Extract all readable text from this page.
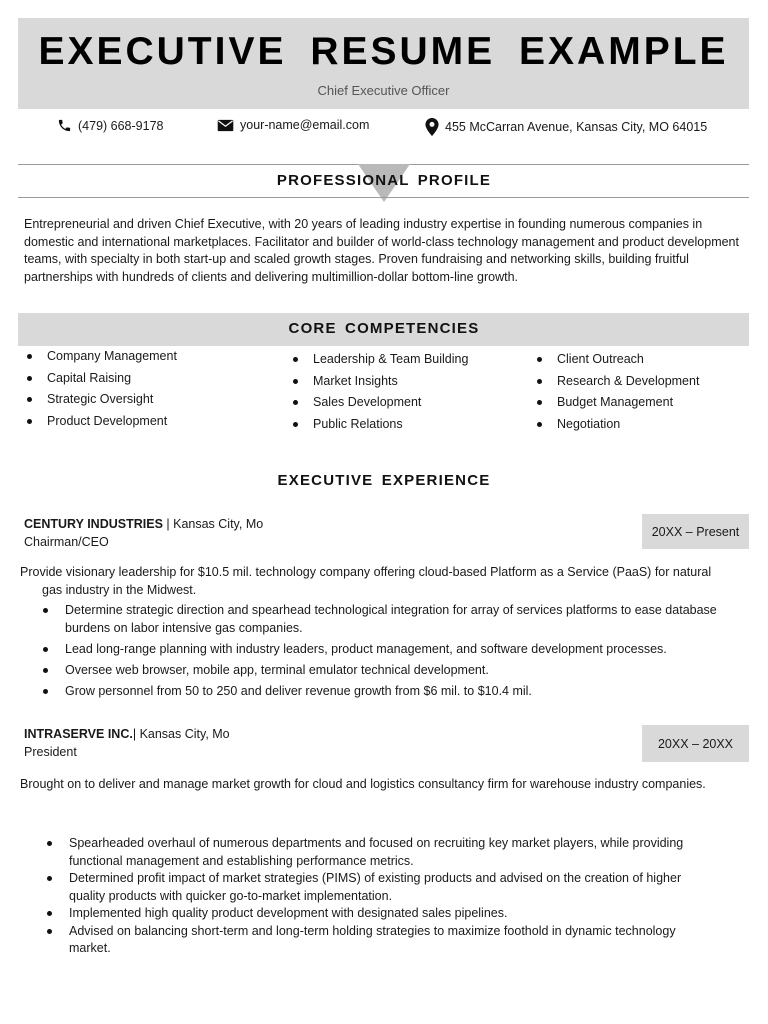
EXECUTIVE RESUME EXAMPLE
Chief Executive Officer
(479) 668-9178	your-name@email.com	455 McCarran Avenue, Kansas City, MO 64015
PROFESSIONAL PROFILE
Entrepreneurial and driven Chief Executive, with 20 years of leading industry expertise in founding numerous companies in domestic and international marketplaces. Facilitator and builder of world-class technology management and product development teams, with specialty in both start-up and scaled growth stages. Proven fundraising and networking skills, building fruitful partnerships with hundreds of clients and delivering multimillion-dollar bottom-line growth.
CORE COMPETENCIES
Company Management
Capital Raising
Strategic Oversight
Product Development
Leadership & Team Building
Market Insights
Sales Development
Public Relations
Client Outreach
Research & Development
Budget Management
Negotiation
EXECUTIVE EXPERIENCE
CENTURY INDUSTRIES | Kansas City, Mo
Chairman/CEO
20XX – Present
Provide visionary leadership for $10.5 mil. technology company offering cloud-based Platform as a Service (PaaS) for natural gas industry in the Midwest.
Determine strategic direction and spearhead technological integration for array of services platforms to ease database burdens on labor intensive gas companies.
Lead long-range planning with industry leaders, product management, and software development processes.
Oversee web browser, mobile app, terminal emulator technical development.
Grow personnel from 50 to 250 and deliver revenue growth from $6 mil. to $10.4 mil.
INTRASERVE INC.| Kansas City, Mo
President
20XX – 20XX
Brought on to deliver and manage market growth for cloud and logistics consultancy firm for warehouse industry companies.
Spearheaded overhaul of numerous departments and focused on recruiting key market players, while providing functional management and establishing performance metrics.
Determined profit impact of market strategies (PIMS) of existing products and advised on the creation of higher quality products with quicker go-to-market implementation.
Implemented high quality product development with designated sales pipelines.
Advised on balancing short-term and long-term holding strategies to maximize foothold in dynamic technology market.
